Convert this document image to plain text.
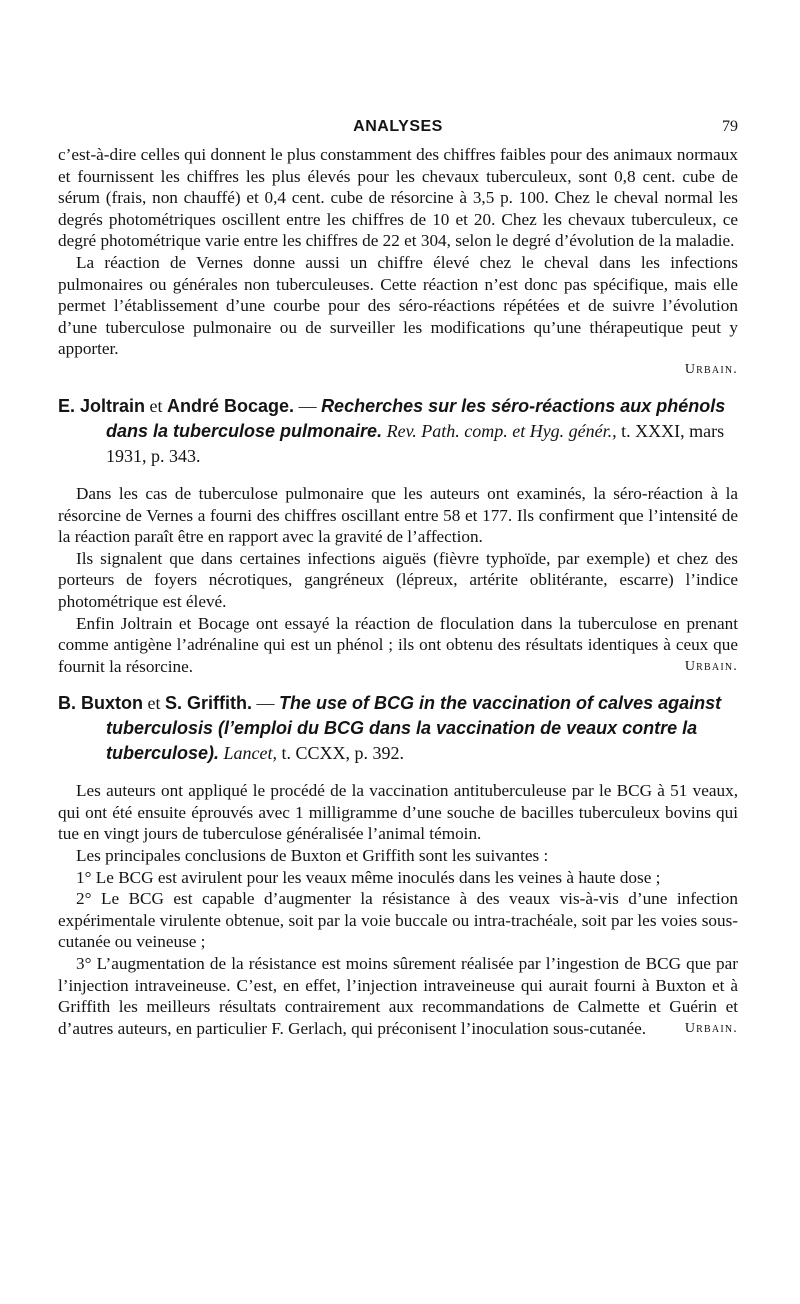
ANALYSES	79

c’est-à-dire celles qui donnent le plus constamment des chiffres faibles pour des animaux normaux et fournissent les chiffres les plus élevés pour les chevaux tuberculeux, sont 0,8 cent. cube de sérum (frais, non chauffé) et 0,4 cent. cube de résorcine à 3,5 p. 100. Chez le cheval normal les degrés photométriques oscillent entre les chiffres de 10 et 20. Chez les chevaux tuberculeux, ce degré photométrique varie entre les chiffres de 22 et 304, selon le degré d’évolution de la maladie.

La réaction de Vernes donne aussi un chiffre élevé chez le cheval dans les infections pulmonaires ou générales non tuberculeuses. Cette réaction n’est donc pas spécifique, mais elle permet l’établissement d’une courbe pour des séro-réactions répétées et de suivre l’évolution d’une tuberculose pulmonaire ou de surveiller les modifications qu’une thérapeutique peut y apporter.

Urbain.
E. Joltrain et André Bocage. — Recherches sur les séro-réactions aux phénols dans la tuberculose pulmonaire. Rev. Path. comp. et Hyg. génér., t. XXXI, mars 1931, p. 343.

Dans les cas de tuberculose pulmonaire que les auteurs ont examinés, la séro-réaction à la résorcine de Vernes a fourni des chiffres oscillant entre 58 et 177. Ils confirment que l’intensité de la réaction paraît être en rapport avec la gravité de l’affection.

Ils signalent que dans certaines infections aiguës (fièvre typhoïde, par exemple) et chez des porteurs de foyers nécrotiques, gangréneux (lépreux, artérite oblitérante, escarre) l’indice photométrique est élevé.

Enfin Joltrain et Bocage ont essayé la réaction de floculation dans la tuberculose en prenant comme antigène l’adrénaline qui est un phénol ; ils ont obtenu des résultats identiques à ceux que fournit la résorcine.	Urbain.

B. Buxton et S. Griffith. — The use of BCG in the vaccination of calves against tuberculosis (l’emploi du BCG dans la vaccination de veaux contre la tuberculose). Lancet, t. CCXX, p. 392.

Les auteurs ont appliqué le procédé de la vaccination antituberculeuse par le BCG à 51 veaux, qui ont été ensuite éprouvés avec 1 milligramme d’une souche de bacilles tuberculeux bovins qui tue en vingt jours de tuberculose généralisée l’animal témoin.

Les principales conclusions de Buxton et Griffith sont les suivantes :

1° Le BCG est avirulent pour les veaux même inoculés dans les veines à haute dose ;

2° Le BCG est capable d’augmenter la résistance à des veaux vis-à-vis d’une infection expérimentale virulente obtenue, soit par la voie buccale ou intra-trachéale, soit par les voies sous-cutanée ou veineuse ;

3° L’augmentation de la résistance est moins sûrement réalisée par l’ingestion de BCG que par l’injection intraveineuse. C’est, en effet, l’injection intraveineuse qui aurait fourni à Buxton et à Griffith les meilleurs résultats contrairement aux recommandations de Calmette et Guérin et d’autres auteurs, en particulier F. Gerlach, qui préconisent l’inoculation sous-cutanée.	Urbain.
